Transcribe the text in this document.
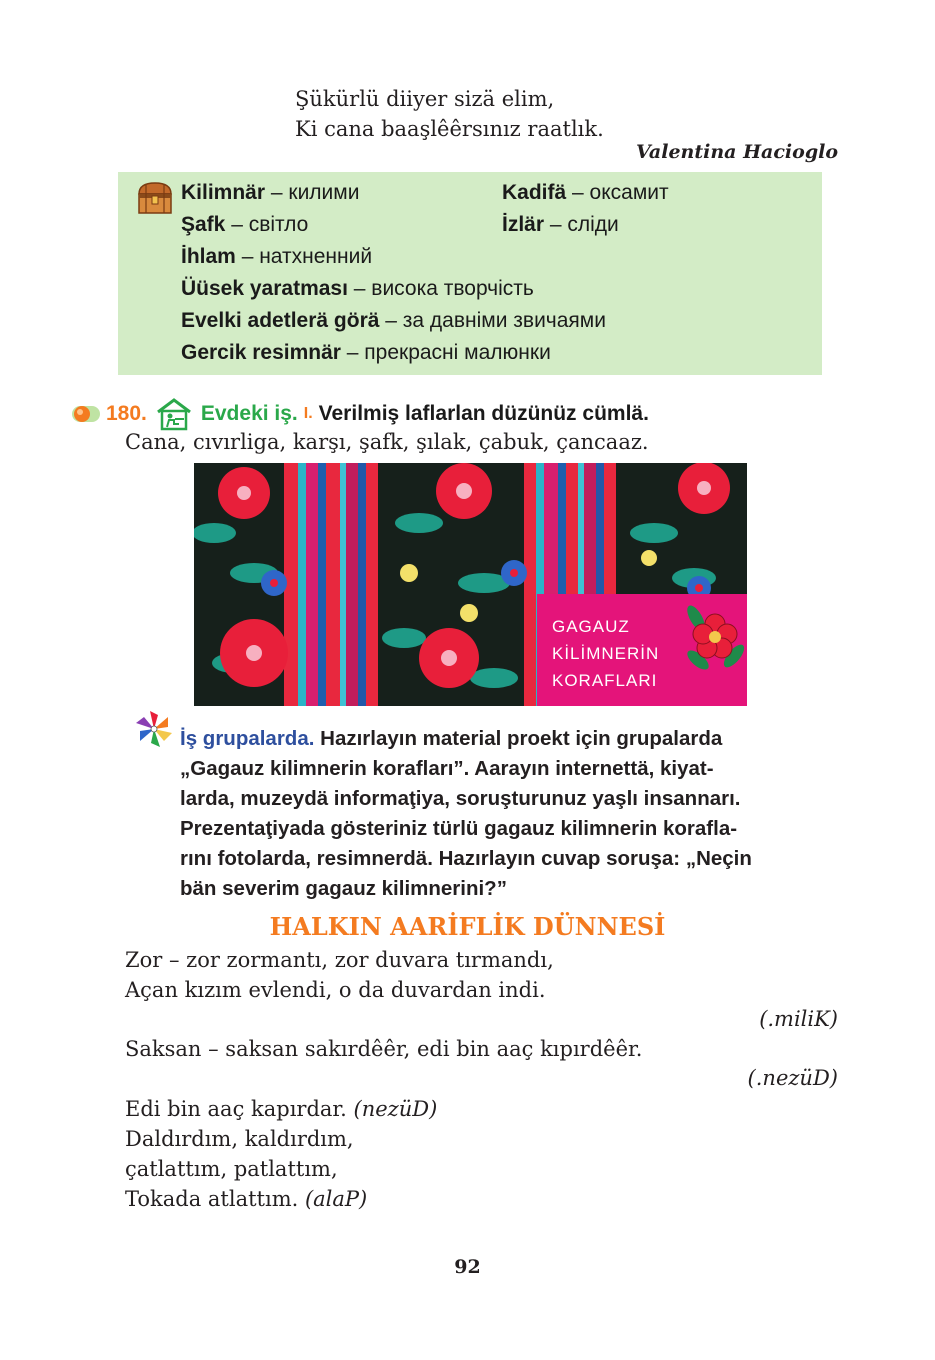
Şükürlü diiyer sizä elim,
Ki cana baaşlêêrsınız raatlık.
Valentina Hacioglo
Kilimnär – килими	Kadifä – оксамит
Şafk – світло	İzlär – сліди
İhlam – натхненний
Üüsek yaratması – висока творчість
Evelki adetlerä görä – за давніми звичаями
Gercik resimnär – прекрасні малюнки
180.	Evdeki iş. I. Verilmiş laflarlan düzünüz cümlä.
Cana, cıvırliga, karşı, şafk, şılak, çabuk, çancaaz.
GAGAUZ
KİLİMNERİN
KORAFLARI
İş grupalarda. Hazırlayın material proekt için grupalarda
„Gagauz kilimnerin korafları”. Aarayın internettä, kiyat-
larda, muzeydä informaţiya, soruşturunuz yaşlı insannarı.
Prezentaţiyada gösteriniz türlü gagauz kilimnerin korafla-
rını fotolarda, resimnerdä. Hazırlayın cuvap soruşa: „Neçin
bän severim gagauz kilimnerini?”
HALKIN AARİFLİK DÜNNESİ
Zor – zor zormantı, zor duvara tırmandı,
Açan kızım evlendi, o da duvardan indi.
(.miliK)
Saksan – saksan sakırdêêr, edi bin aaç kıpırdêêr.
(.nezüD)
Edi bin aaç kapırdar. (nezüD)
Daldırdım, kaldırdım,
çatlattım, patlattım,
Tokada atlattım. (alaP)
92
